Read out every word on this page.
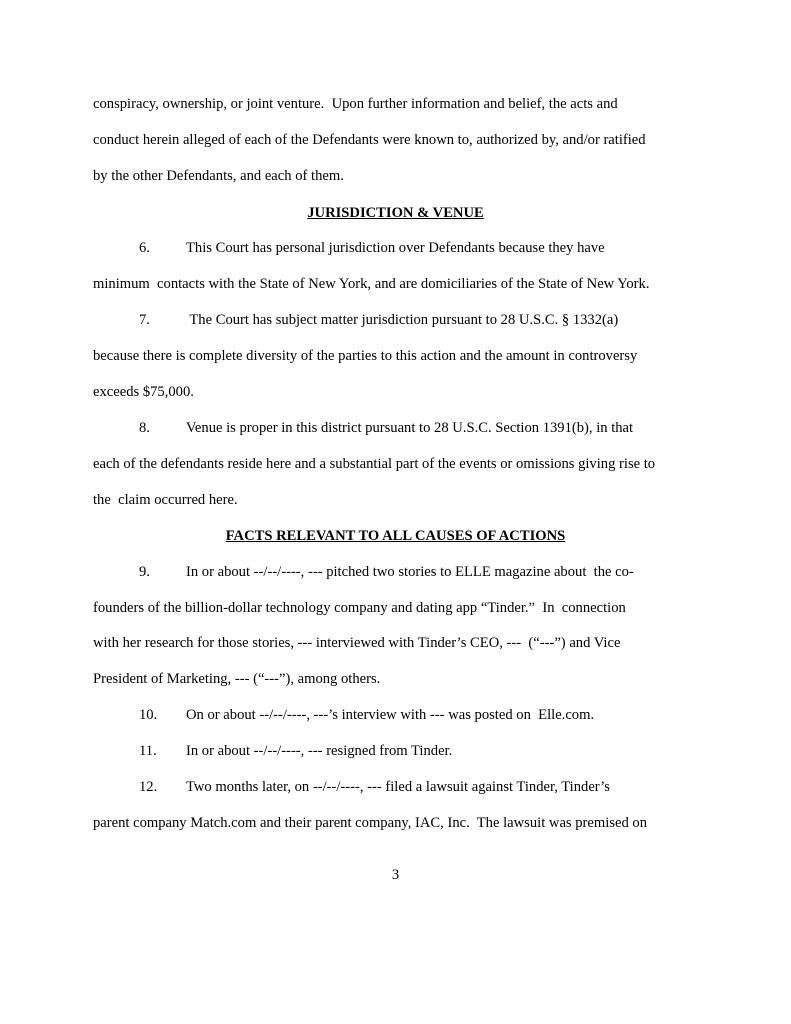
conspiracy, ownership, or joint venture.  Upon further information and belief, the acts and
conduct herein alleged of each of the Defendants were known to, authorized by, and/or ratified
by the other Defendants, and each of them.
JURISDICTION & VENUE
6. This Court has personal jurisdiction over Defendants because they have
minimum  contacts with the State of New York, and are domiciliaries of the State of New York.
7. The Court has subject matter jurisdiction pursuant to 28 U.S.C. § 1332(a)
because there is complete diversity of the parties to this action and the amount in controversy
exceeds $75,000.
8. Venue is proper in this district pursuant to 28 U.S.C. Section 1391(b), in that
each of the defendants reside here and a substantial part of the events or omissions giving rise to
the  claim occurred here.
FACTS RELEVANT TO ALL CAUSES OF ACTIONS
9. In or about --/--/----, --- pitched two stories to ELLE magazine about  the co-
founders of the billion-dollar technology company and dating app “Tinder.”  In  connection
with her research for those stories, --- interviewed with Tinder’s CEO, ---  (“---”) and Vice
President of Marketing, --- (“---”), among others.
10. On or about --/--/----, ---’s interview with --- was posted on  Elle.com.
11. In or about --/--/----, --- resigned from Tinder.
12. Two months later, on --/--/----, --- filed a lawsuit against Tinder, Tinder’s
parent company Match.com and their parent company, IAC, Inc.  The lawsuit was premised on
3
